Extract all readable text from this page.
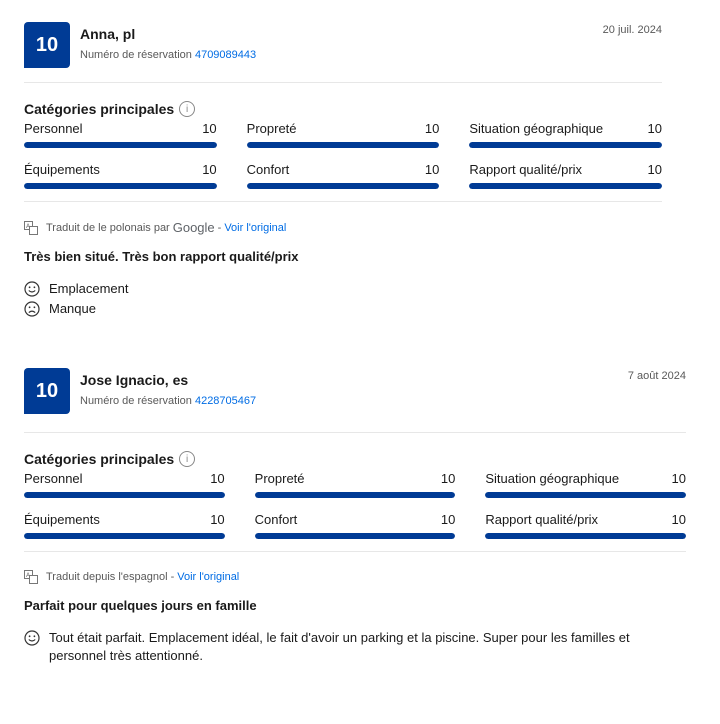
10	Anna, pl
Numéro de réservation 4709089443
20 juil. 2024
Catégories principales	i
Personnel	10 Propreté	10 Situation géographique	10
Équipements	10 Confort	10 Rapport qualité/prix	10
A Traduit de le polonais par Google - Voir l'original
Très bien situé. Très bon rapport qualité/prix
Emplacement
Manque
10	Jose Ignacio, es
Numéro de réservation 4228705467
7 août 2024
Catégories principales	i
Personnel	10 Propreté	10 Situation géographique	10
Équipements	10 Confort	10 Rapport qualité/prix	10
A Traduit depuis l'espagnol - Voir l'original
Parfait pour quelques jours en famille
Tout était parfait. Emplacement idéal, le fait d'avoir un parking et la piscine. Super pour les familles et personnel très attentionné.
